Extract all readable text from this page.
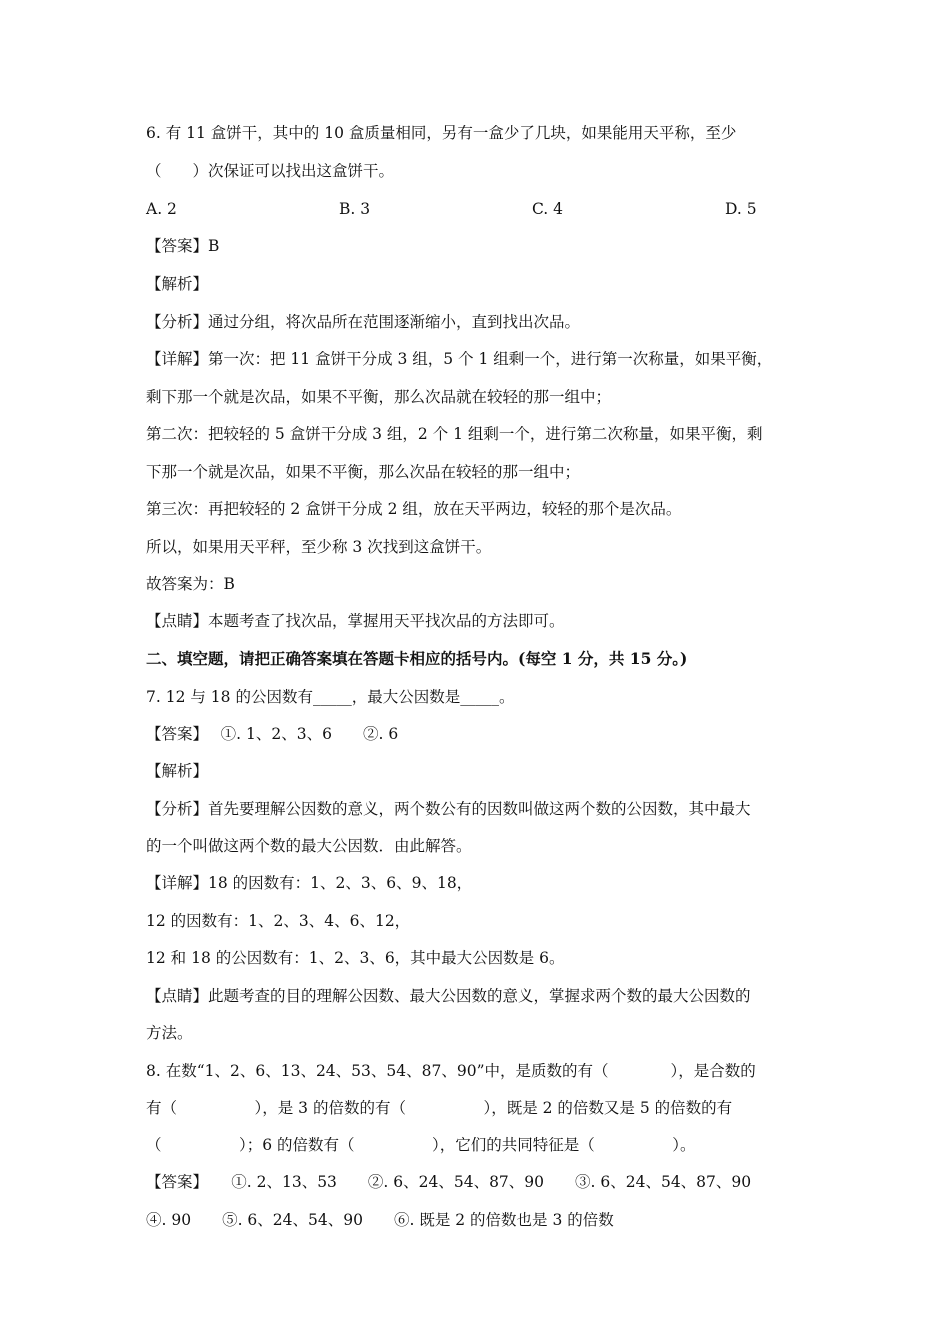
6. 有 11 盒饼干，其中的 10 盒质量相同，另有一盒少了几块，如果能用天平称，至少
（　　）次保证可以找出这盒饼干。
A. 2	B. 3	C. 4	D. 5
【答案】B
【解析】
【分析】通过分组，将次品所在范围逐渐缩小，直到找出次品。
【详解】第一次：把 11 盒饼干分成 3 组，5 个 1 组剩一个，进行第一次称量，如果平衡，
剩下那一个就是次品，如果不平衡，那么次品就在较轻的那一组中；
第二次：把较轻的 5 盒饼干分成 3 组，2 个 1 组剩一个，进行第二次称量，如果平衡，剩
下那一个就是次品，如果不平衡，那么次品在较轻的那一组中；
第三次：再把较轻的 2 盒饼干分成 2 组，放在天平两边，较轻的那个是次品。
所以，如果用天平秤，至少称 3 次找到这盒饼干。
故答案为：B
【点睛】本题考查了找次品，掌握用天平找次品的方法即可。
二、填空题，请把正确答案填在答题卡相应的括号内。(每空 1 分，共 15 分。)
7. 12 与 18 的公因数有_____，最大公因数是_____。
【答案】　 ①. 1、2、3、6　　②. 6
【解析】
【分析】首先要理解公因数的意义，两个数公有的因数叫做这两个数的公因数，其中最大
的一个叫做这两个数的最大公因数．由此解答。
【详解】18 的因数有：1、2、3、6、9、18，
12 的因数有：1、2、3、4、6、12，
12 和 18 的公因数有：1、2、3、6，其中最大公因数是 6。
【点睛】此题考查的目的理解公因数、最大公因数的意义，掌握求两个数的最大公因数的
方法。
8. 在数“1、2、6、13、24、53、54、87、90”中，是质数的有（　　　　），是合数的
有（　　　　　），是 3 的倍数的有（　　　　　），既是 2 的倍数又是 5 的倍数的有
（　　　　　）；6 的倍数有（　　　　　），它们的共同特征是（　　　　　）。
【答案】　　①. 2、13、53　　②. 6、24、54、87、90　　③. 6、24、54、87、90
④. 90　　⑤. 6、24、54、90　　⑥. 既是 2 的倍数也是 3 的倍数
